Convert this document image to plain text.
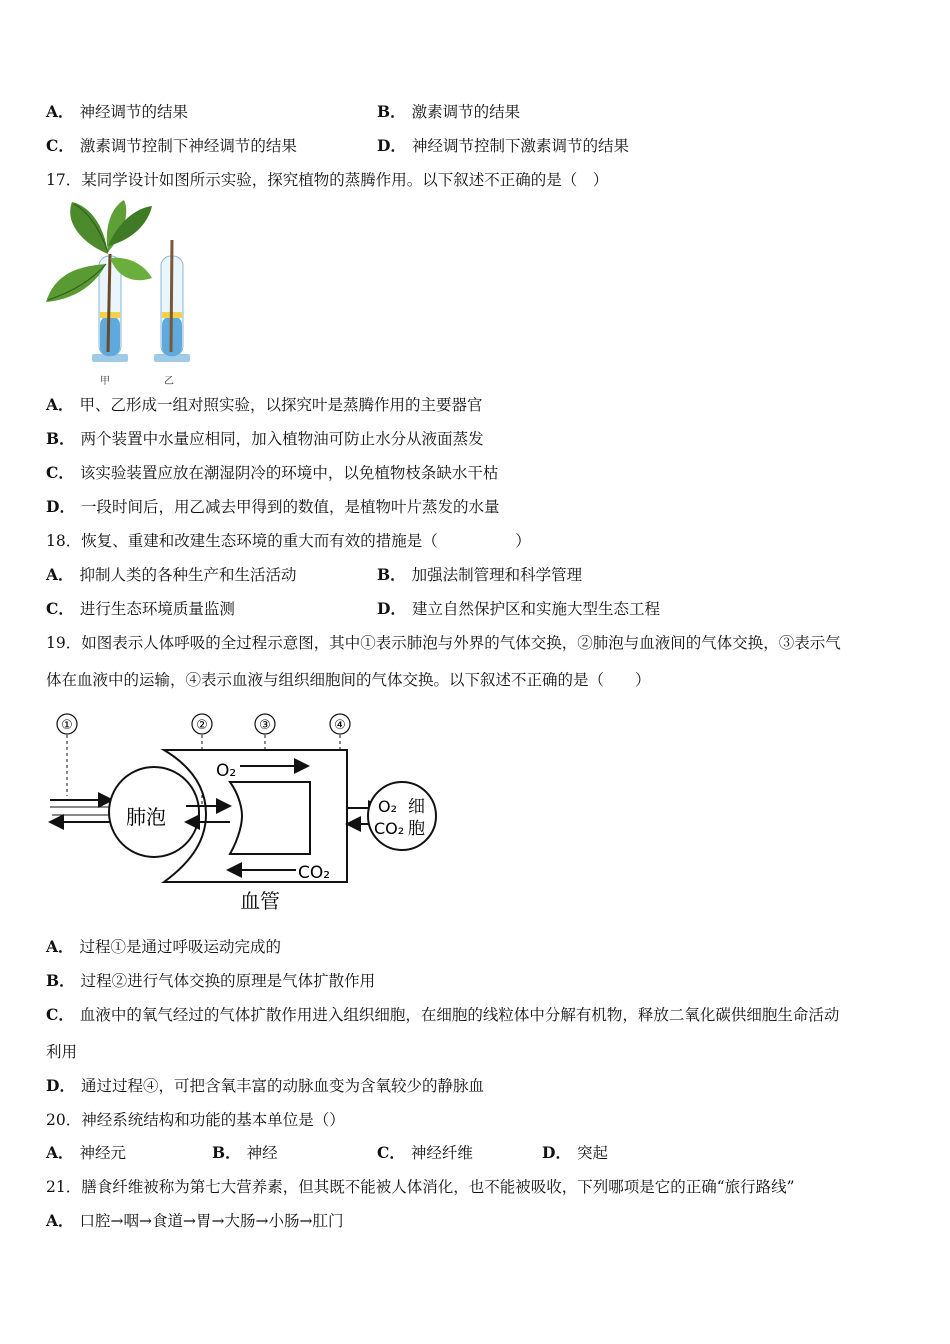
A． 神经调节的结果	B． 激素调节的结果
C． 激素调节控制下神经调节的结果	D． 神经调节控制下激素调节的结果
17．某同学设计如图所示实验，探究植物的蒸腾作用。以下叙述不正确的是（　）
甲	乙
A． 甲、乙形成一组对照实验，以探究叶是蒸腾作用的主要器官
B． 两个装置中水量应相同，加入植物油可防止水分从液面蒸发
C． 该实验装置应放在潮湿阴冷的环境中，以免植物枝条缺水干枯
D． 一段时间后，用乙减去甲得到的数值，是植物叶片蒸发的水量
18．恢复、重建和改建生态环境的重大而有效的措施是（　　　　　）
A． 抑制人类的各种生产和生活活动	B． 加强法制管理和科学管理
C． 进行生态环境质量监测	D． 建立自然保护区和实施大型生态工程
19．如图表示人体呼吸的全过程示意图，其中①表示肺泡与外界的气体交换，②肺泡与血液间的气体交换，③表示气
体在血液中的运输，④表示血液与组织细胞间的气体交换。以下叙述不正确的是（　　）
①	②	③	④
肺泡
O₂
CO₂
O₂
CO₂
细
胞
血管
A． 过程①是通过呼吸运动完成的
B． 过程②进行气体交换的原理是气体扩散作用
C． 血液中的氧气经过的气体扩散作用进入组织细胞，在细胞的线粒体中分解有机物，释放二氧化碳供细胞生命活动
利用
D． 通过过程④，可把含氧丰富的动脉血变为含氧较少的静脉血
20．神经系统结构和功能的基本单位是（）
A． 神经元	B． 神经	C． 神经纤维	D． 突起
21．膳食纤维被称为第七大营养素，但其既不能被人体消化，也不能被吸收，下列哪项是它的正确“旅行路线”
A． 口腔→咽→食道→胃→大肠→小肠→肛门
